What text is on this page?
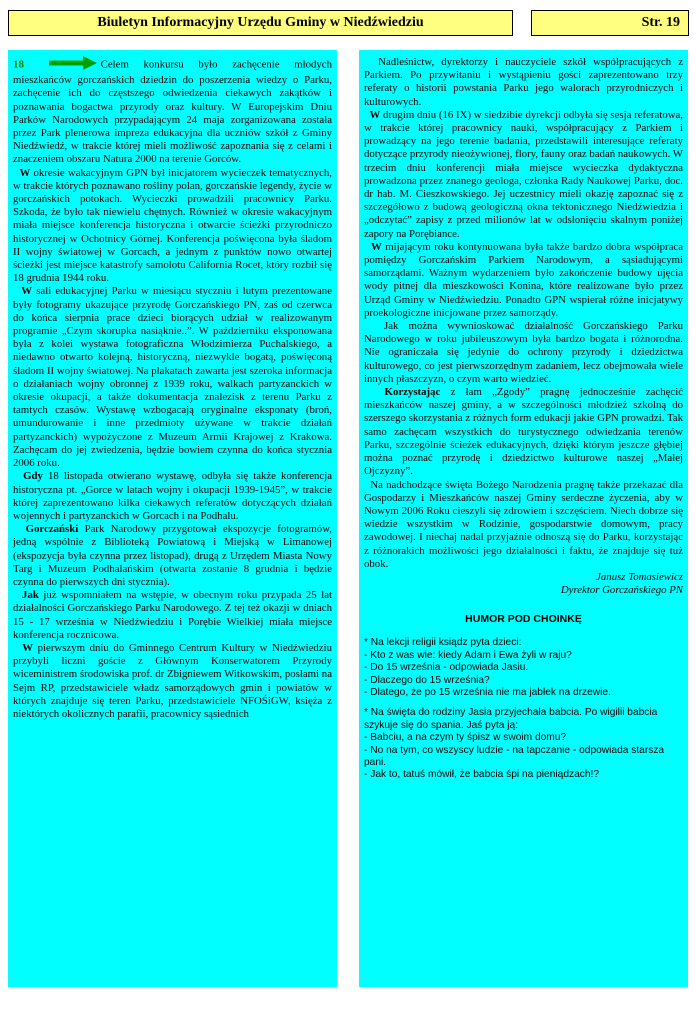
Biuletyn Informacyjny Urzędu Gminy w Niedźwiedziu	Str. 19

18	Celem konkursu było zachęcenie młodych mieszkańców gorczańskich dziedzin do poszerzenia wiedzy o Parku, zachęcenie ich do częstszego odwiedzenia ciekawych zakątków i poznawania bogactwa przyrody oraz kultury. W Europejskim Dniu Parków Narodowych przypadającym 24 maja zorganizowana została przez Park plenerowa impreza edukacyjna dla uczniów szkół z Gminy Niedźwiedź, w trakcie której mieli możliwość zapoznania się z celami i znaczeniem obszaru Natura 2000 na terenie Gorców.

W okresie wakacyjnym GPN był inicjatorem wycieczek tematycznych, w trakcie których poznawano rośliny polan, gorczańskie legendy, życie w gorczańskich potokach. Wycieczki prowadzili pracownicy Parku. Szkoda, że było tak niewielu chętnych. Również w okresie wakacyjnym miała miejsce konferencja historyczna i otwarcie ścieżki przyrodniczo historycznej w Ochotnicy Górnej. Konferencja poświęcona była śladom II wojny światowej w Gorcach, a jednym z punktów nowo otwartej ścieżki jest miejsce katastrofy samolotu California Rocet, który rozbił się 18 grudnia 1944 roku.

W sali edukacyjnej Parku w miesiącu styczniu i lutym prezentowane były fotogramy ukazujące przyrodę Gorczańskiego PN, zaś od czerwca do końca sierpnia prace dzieci biorących udział w realizowanym programie „Czym skorupka nasiąknie..”. W październiku eksponowana była z kolei wystawa fotograficzna Włodzimierza Puchalskiego, a niedawno otwarto kolejną, historyczną, niezwykle bogatą, poświęconą śladom II wojny światowej. Na plakatach zawarta jest szeroka informacja o działaniach wojny obronnej z 1939 roku, walkach partyzanckich w okresie okupacji, a także dokumentacja znalezisk z terenu Parku z tamtych czasów. Wystawę wzbogacają oryginalne eksponaty (broń, umundurowanie i inne przedmioty używane w trakcie działań partyzanckich) wypożyczone z Muzeum Armii Krajowej z Krakowa. Zachęcam do jej zwiedzenia, będzie bowiem czynna do końca stycznia 2006 roku.

Gdy 18 listopada otwierano wystawę, odbyła się także konferencja historyczna pt. „Gorce w latach wojny i okupacji 1939-1945”, w trakcie której zaprezentowano kilka ciekawych referatów dotyczących działań wojennych i partyzanckich w Gorcach i na Podhalu.

Gorczański Park Narodowy przygotował ekspozycje fotogramów, jedną wspólnie z Biblioteką Powiatową i Miejską w Limanowej (ekspozycja była czynna przez listopad), drugą z Urzędem Miasta Nowy Targ i Muzeum Podhalańskim (otwarta zostanie 8 grudnia i będzie czynna do pierwszych dni stycznia).

Jak już wspomniałem na wstępie, w obecnym roku przypada 25 lat działalności Gorczańskiego Parku Narodowego. Z tej też okazji w dniach 15 - 17 września w Niedźwiedziu i Porębie Wielkiej miała miejsce konferencja rocznicowa.

W pierwszym dniu do Gminnego Centrum Kultury w Niedźwiedziu przybyli liczni goście z Głównym Konserwatorem Przyrody wiceministrem środowiska prof. dr Zbigniewem Witkowskim, posłami na Sejm RP, przedstawiciele władz samorządowych gmin i powiatów w których znajduje się teren Parku, przedstawiciele NFOŚiGW, księża z niektórych okolicznych parafii, pracownicy sąsiednich

Nadleśnictw, dyrektorzy i nauczyciele szkół współpracujących z Parkiem. Po przywitaniu i wystąpieniu gości zaprezentowano trzy referaty o historii powstania Parku jego walorach przyrodniczych i kulturowych.

W drugim dniu (16 IX) w siedzibie dyrekcji odbyła się sesja referatowa, w trakcie której pracownicy nauki, współpracujący z Parkiem i prowadzący na jego terenie badania, przedstawili interesujące referaty dotyczące przyrody nieożywionej, flory, fauny oraz badań naukowych. W trzecim dniu konferencji miała miejsce wycieczka dydaktyczna prowadzona przez znanego geologa, członka Rady Naukowej Parku, doc. dr hab. M. Cieszkowskiego. Jej uczestnicy mieli okazję zapoznać się z szczegółowo z budową geologiczną okna tektonicznego Niedźwiedzia i „odczytać” zapisy z przed milionów lat w odsłonięciu skalnym poniżej zapory na Porębiance.

W mijającym roku kontynuowana była także bardzo dobra współpraca pomiędzy Gorczańskim Parkiem Narodowym, a sąsiadującymi samorządami. Ważnym wydarzeniem było zakończenie budowy ujęcia wody pitnej dla mieszkowości Konina, które realizowane było przez Urząd Gminy w Niedźwiedziu. Ponadto GPN wspierał różne inicjatywy proekologiczne inicjowane przez samorządy.

Jak można wywnioskować działalność Gorczańskiego Parku Narodowego w roku jubileuszowym była bardzo bogata i różnorodna. Nie ograniczała się jedynie do ochrony przyrody i dziedzictwa kulturowego, co jest pierwszorzędnym zadaniem, lecz obejmowała wiele innych płaszczyzn, o czym warto wiedzieć.

Korzystając z łam „Zgody” pragnę jednocześnie zachęcić mieszkańców naszej gminy, a w szczególności młodzież szkolną do szerszego skorzystania z różnych form edukacji jakie GPN prowadzi. Tak samo zachęcam wszystkich do turystycznego odwiedzania terenów Parku, szczególnie ścieżek edukacyjnych, dzięki którym jeszcze głębiej można poznać przyrodę i dziedzictwo kulturowe naszej „Małej Ojczyzny”.

Na nadchodzące święta Bożego Narodzenia pragnę także przekazać dla Gospodarzy i Mieszkańców naszej Gminy serdeczne życzenia, aby w Nowym 2006 Roku cieszyli się zdrowiem i szczęściem. Niech dobrze się wiedzie wszystkim w Rodzinie, gospodarstwie domowym, pracy zawodowej. I niechaj nadal przyjaźnie odnoszą się do Parku, korzystając z różnorakich możliwości jego działalności i faktu, że znajduje się tuż obok.

Janusz Tomasiewicz
Dyrektor Gorczańskiego PN
HUMOR POD CHOINKĘ

* Na lekcji religii ksiądz pyta dzieci:

- Kto z was wie: kiedy Adam i Ewa żyli w raju?

- Do 15 września - odpowiada Jasiu.

- Dlaczego do 15 września?

- Dlatego, że po 15 września nie ma jabłek na drzewie.

* Na święta do rodziny Jasia przyjechała babcia. Po wigilii babcia szykuje się do spania. Jaś pyta ją:

- Babciu, a na czym ty śpisz w swoim domu?

- No na tym, co wszyscy ludzie - na tapczanie - odpowiada starsza pani.

- Jak to, tatuś mówił, że babcia śpi na pieniądzach!?
